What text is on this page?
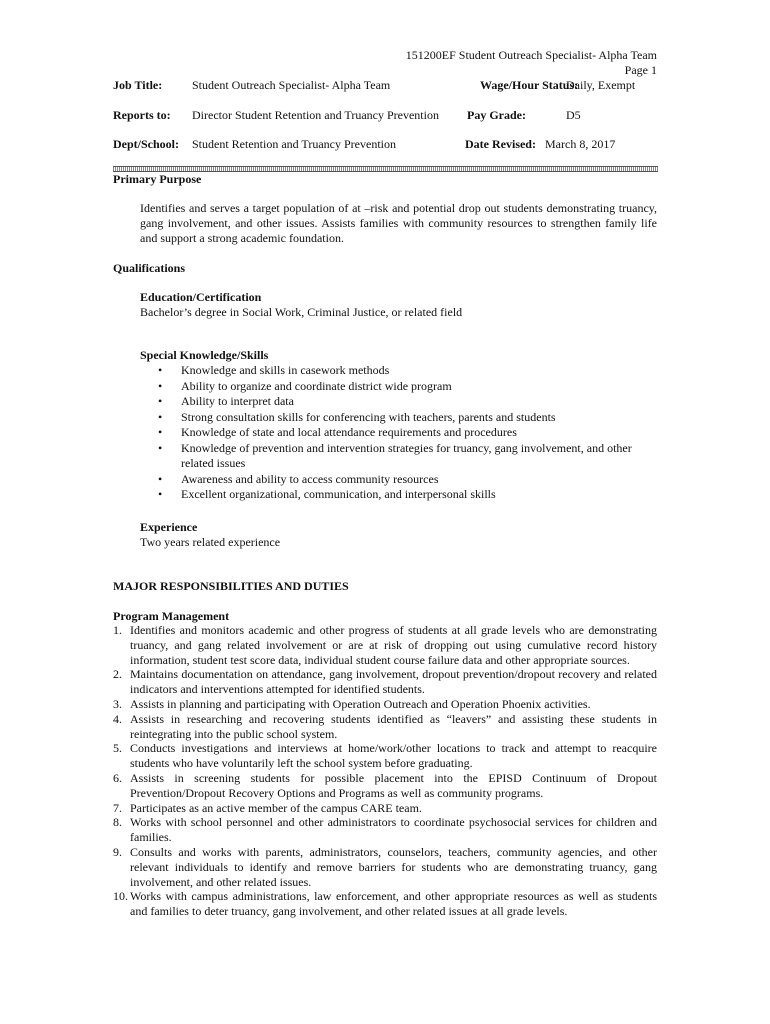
151200EF Student Outreach Specialist- Alpha Team
Page 1
Job Title: Student Outreach Specialist- Alpha Team	Wage/Hour Status:
Daily, Exempt
Reports to: Director Student Retention and Truancy Prevention Pay Grade:	D5
Dept/School: Student Retention and Truancy Prevention	Date Revised: March 8, 2017
Primary Purpose
Identifies and serves a target population of at –risk and potential drop out students demonstrating truancy, gang involvement, and other issues. Assists families with community resources to strengthen family life and support a strong academic foundation.
Qualifications
Education/Certification
Bachelor’s degree in Social Work, Criminal Justice, or related field
Special Knowledge/Skills
• Knowledge and skills in casework methods
• Ability to organize and coordinate district wide program
• Ability to interpret data
• Strong consultation skills for conferencing with teachers, parents and students
• Knowledge of state and local attendance requirements and procedures
• Knowledge of prevention and intervention strategies for truancy, gang involvement, and other related issues
• Awareness and ability to access community resources
• Excellent organizational, communication, and interpersonal skills
Experience
Two years related experience
MAJOR RESPONSIBILITIES AND DUTIES
Program Management
1. Identifies and monitors academic and other progress of students at all grade levels who are demonstrating truancy, and gang related involvement or are at risk of dropping out using cumulative record history information, student test score data, individual student course failure data and other appropriate sources.
2. Maintains documentation on attendance, gang involvement, dropout prevention/dropout recovery and related indicators and interventions attempted for identified students.
3. Assists in planning and participating with Operation Outreach and Operation Phoenix activities.
4. Assists in researching and recovering students identified as “leavers” and assisting these students in reintegrating into the public school system.
5. Conducts investigations and interviews at home/work/other locations to track and attempt to reacquire students who have voluntarily left the school system before graduating.
6. Assists in screening students for possible placement into the EPISD Continuum of Dropout Prevention/Dropout Recovery Options and Programs as well as community programs.
7. Participates as an active member of the campus CARE team.
8. Works with school personnel and other administrators to coordinate psychosocial services for children and families.
9. Consults and works with parents, administrators, counselors, teachers, community agencies, and other relevant individuals to identify and remove barriers for students who are demonstrating truancy, gang involvement, and other related issues.
10. Works with campus administrations, law enforcement, and other appropriate resources as well as students and families to deter truancy, gang involvement, and other related issues at all grade levels.
